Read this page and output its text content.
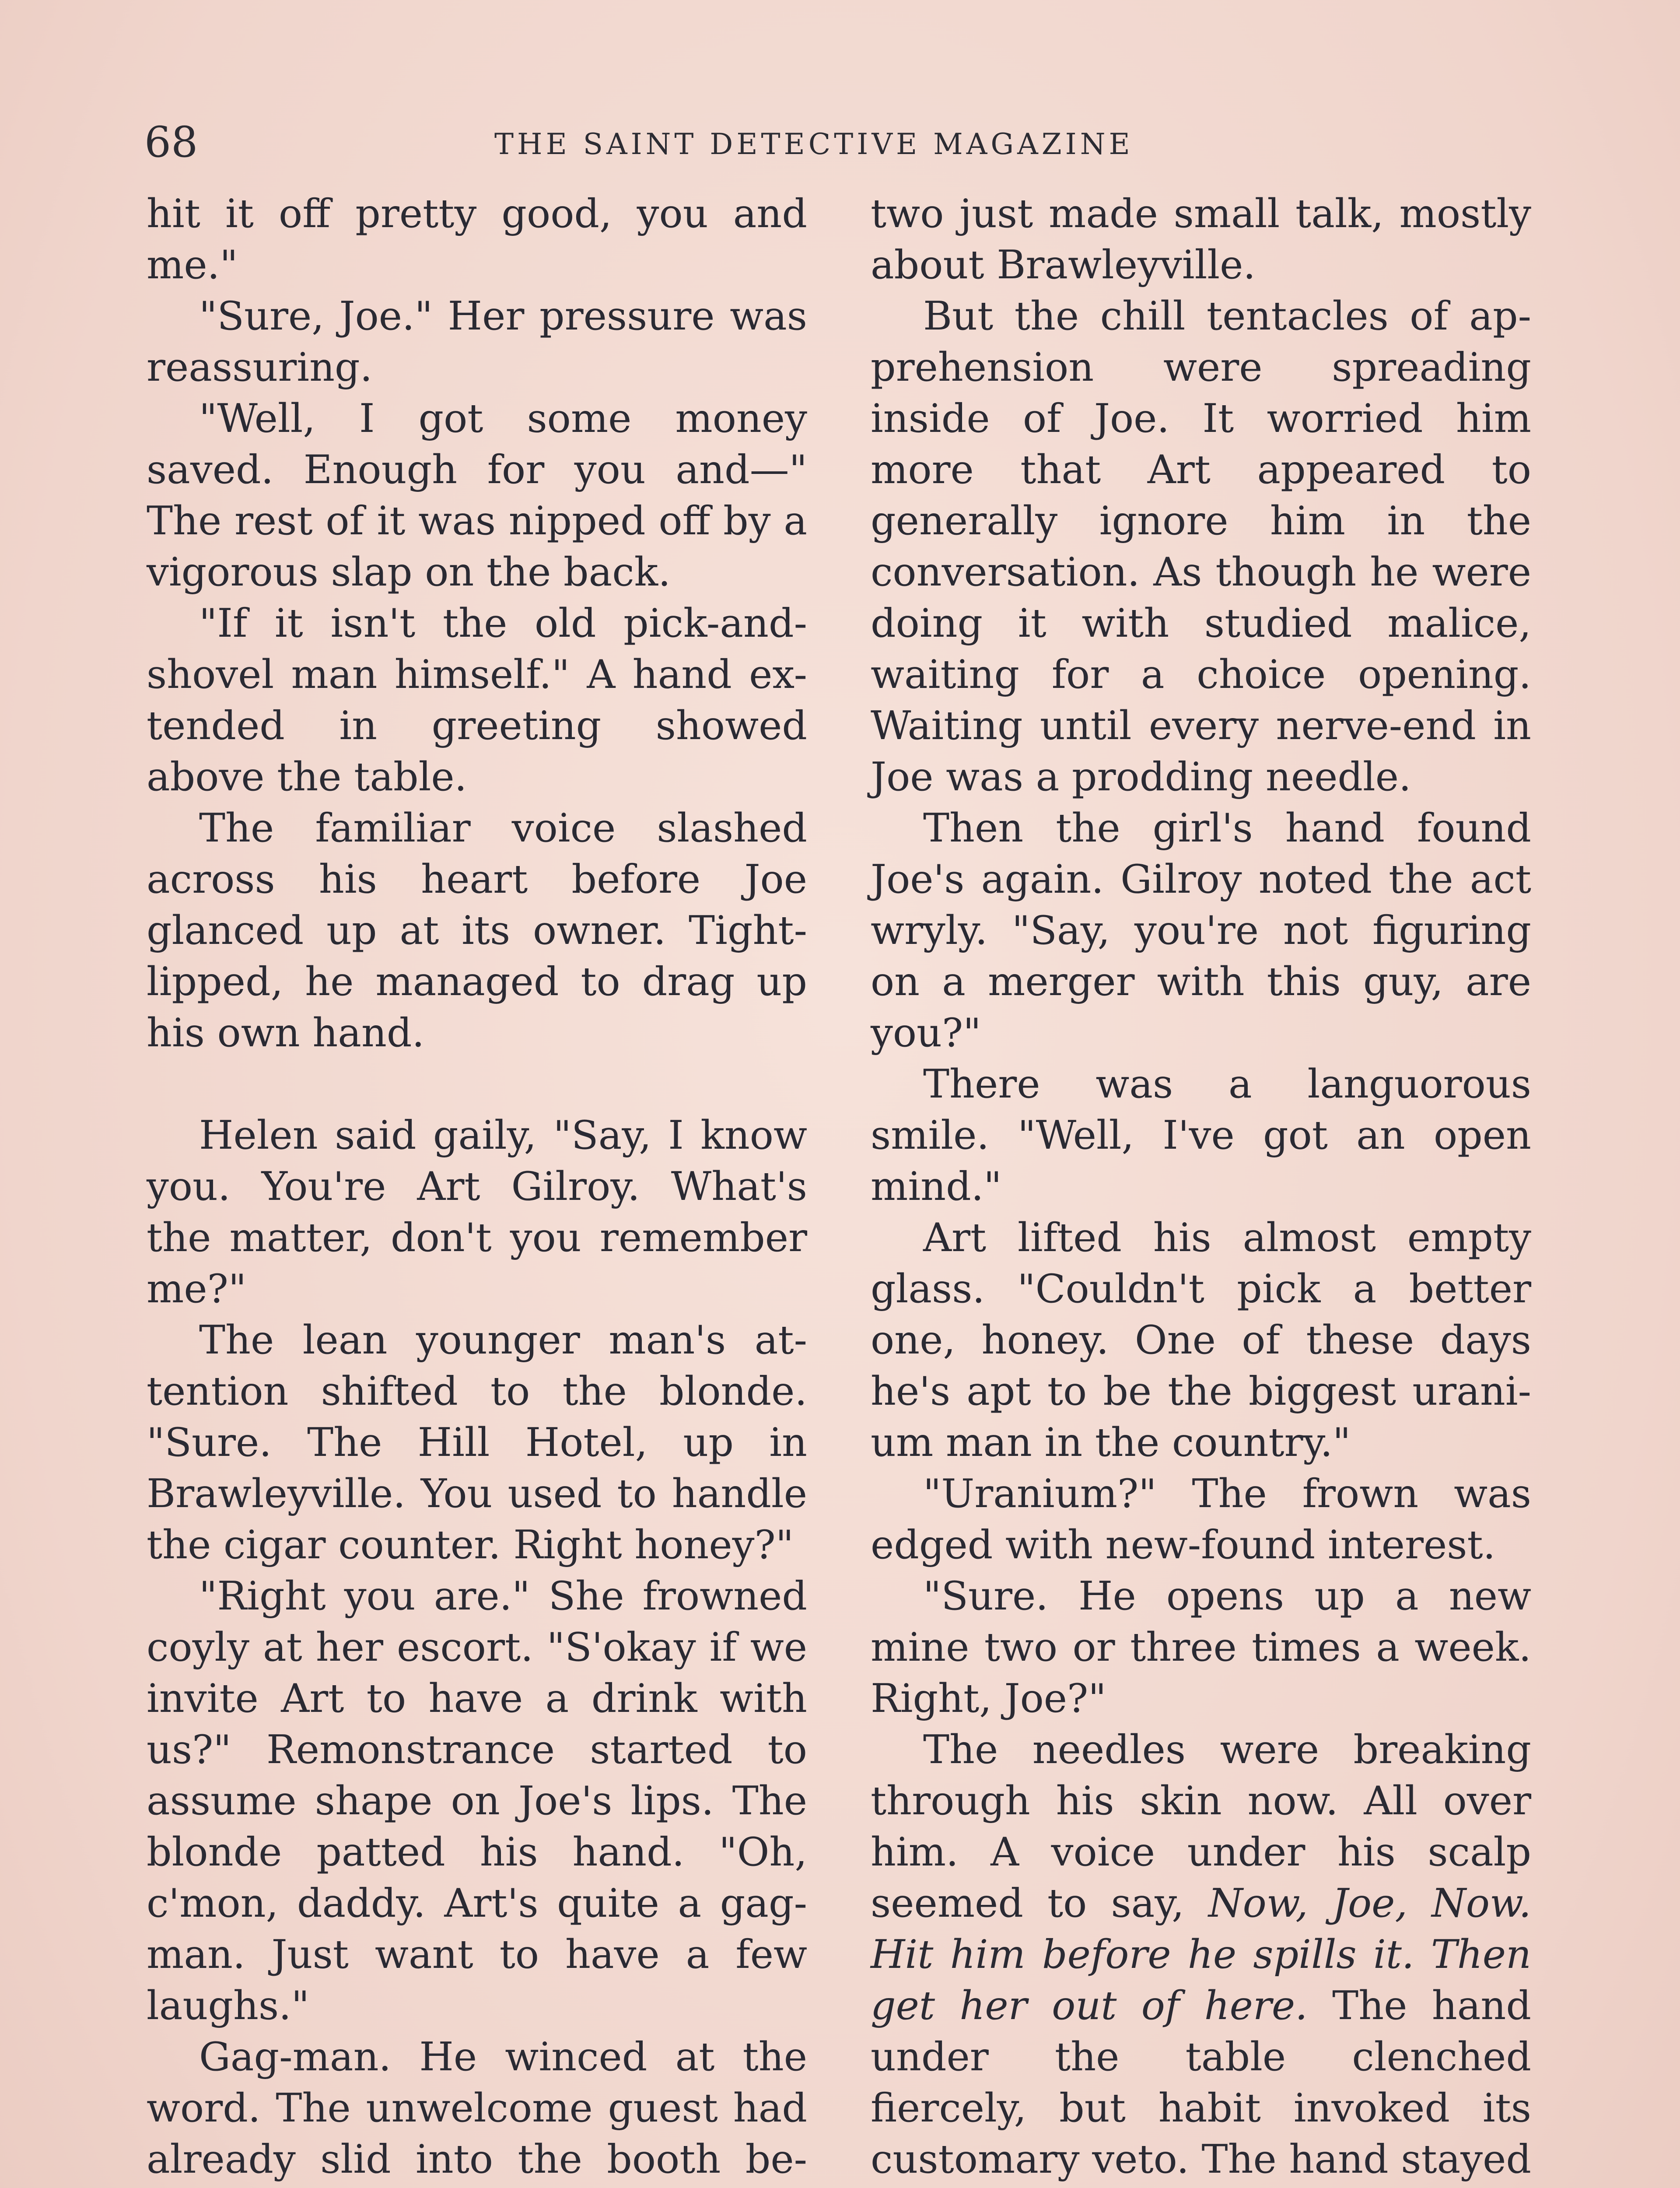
68	THE SAINT DETECTIVE MAGAZINE

hit it off pretty good, you and me."

"Sure, Joe." Her pressure was reassuring.

"Well, I got some money saved. Enough for you and—" The rest of it was nipped off by a vigorous slap on the back.

"If it isn't the old pick-and-shovel man himself." A hand ex-tended in greeting showed above the table.

The familiar voice slashed across his heart before Joe glanced up at its owner. Tight-lipped, he managed to drag up his own hand.

Helen said gaily, "Say, I know you. You're Art Gilroy. What's the matter, don't you remember me?"

The lean younger man's at-tention shifted to the blonde. "Sure. The Hill Hotel, up in Brawleyville. You used to handle the cigar counter. Right honey?"

"Right you are." She frowned coyly at her escort. "S'okay if we invite Art to have a drink with us?" Remonstrance started to assume shape on Joe's lips. The blonde patted his hand. "Oh, c'mon, daddy. Art's quite a gag-man. Just want to have a few laughs."

Gag-man. He winced at the word. The unwelcome guest had already slid into the booth be-

two just made small talk, mostly about Brawleyville.

But the chill tentacles of ap-prehension were spreading inside of Joe. It worried him more that Art appeared to generally ignore him in the conversation. As though he were doing it with studied malice, waiting for a choice opening. Waiting until every nerve-end in Joe was a prodding needle.

Then the girl's hand found Joe's again. Gilroy noted the act wryly. "Say, you're not figuring on a merger with this guy, are you?"

There was a languorous smile. "Well, I've got an open mind."

Art lifted his almost empty glass. "Couldn't pick a better one, honey. One of these days he's apt to be the biggest urani-um man in the country."

"Uranium?" The frown was edged with new-found interest.

"Sure. He opens up a new mine two or three times a week. Right, Joe?"

The needles were breaking through his skin now. All over him. A voice under his scalp seemed to say, Now, Joe, Now. Hit him before he spills it. Then get her out of here. The hand under the table clenched fiercely, but habit invoked its customary veto. The hand stayed
